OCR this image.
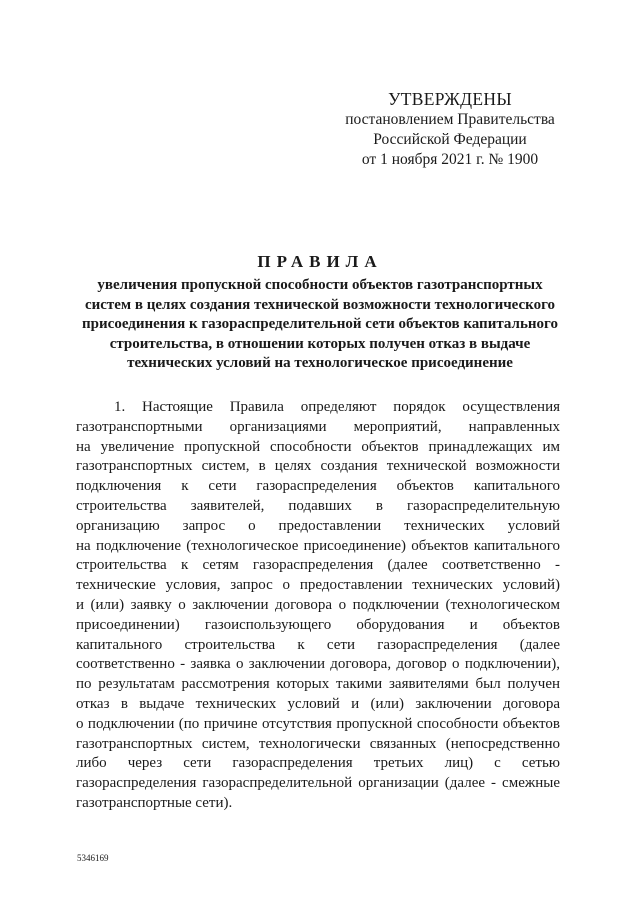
УТВЕРЖДЕНЫ
постановлением Правительства
Российской Федерации
от 1 ноября 2021 г. № 1900
ПРАВИЛА
увеличения пропускной способности объектов газотранспортных
систем в целях создания технической возможности технологического
присоединения к газораспределительной сети объектов капитального
строительства, в отношении которых получен отказ в выдаче
технических условий на технологическое присоединение
1. Настоящие Правила определяют порядок осуществления
газотранспортными организациями мероприятий, направленных
на увеличение пропускной способности объектов принадлежащих им
газотранспортных систем, в целях создания технической возможности
подключения к сети газораспределения объектов капитального
строительства заявителей, подавших в газораспределительную
организацию запрос о предоставлении технических условий
на подключение (технологическое присоединение) объектов капитального
строительства к сетям газораспределения (далее соответственно -
технические условия, запрос о предоставлении технических условий)
и (или) заявку о заключении договора о подключении (технологическом
присоединении) газоиспользующего оборудования и объектов
капитального строительства к сети газораспределения (далее
соответственно - заявка о заключении договора, договор о подключении),
по результатам рассмотрения которых такими заявителями был получен
отказ в выдаче технических условий и (или) заключении договора
о подключении (по причине отсутствия пропускной способности объектов
газотранспортных систем, технологически связанных (непосредственно
либо через сети газораспределения третьих лиц) с сетью
газораспределения газораспределительной организации (далее - смежные
газотранспортные сети).
5346169
